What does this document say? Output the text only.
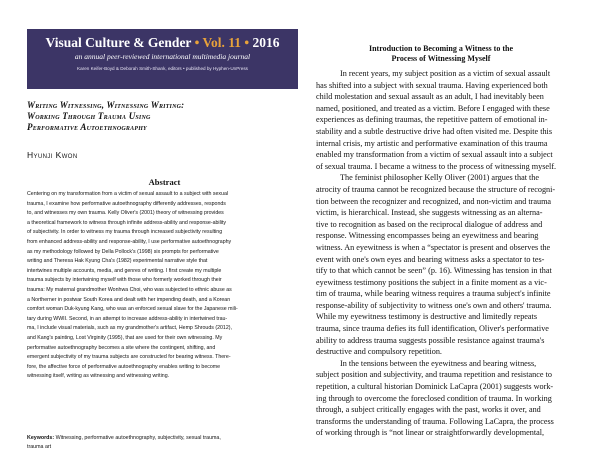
Visual Culture & Gender • Vol. 11 • 2016
an annual peer-reviewed international multimedia journal
Karen Keifer-Boyd & Deborah Smith-Shank, editors • published by Hyphen-UnPress
Writing Witnessing, Witnessing Writing:
Working Through Trauma Using
Performative Autoethnography
Hyunji Kwon
Abstract
Centering on my transformation from a victim of sexual assault to a subject with sexual
trauma, I examine how performative autoethnography differently addresses, responds
to, and witnesses my own trauma. Kelly Oliver's (2001) theory of witnessing provides
a theoretical framework to witness through infinite address-ability and response-ability
of subjectivity. In order to witness my trauma through increased subjectivity resulting
from enhanced address-ability and response-ability, I use performative autoethnography
as my methodology followed by Della Pollock's (1998) six prompts for performative
writing and Theresa Hak Kyung Cha's (1982) experimental narrative style that
intertwines multiple accounts, media, and genres of writing. I first create my multiple
trauma subjects by intertwining myself with those who formerly worked through their
trauma: My maternal grandmother Wonhwa Choi, who was subjected to ethnic abuse as
a Northerner in postwar South Korea and dealt with her impending death, and a Korean
comfort woman Duk-kyung Kang, who was an enforced sexual slave for the Japanese mili-
tary during WWII. Second, in an attempt to increase address-ability in intertwined trau-
ma, I include visual materials, such as my grandmother's artifact, Hemp Shrouds (2012),
and Kang's painting, Lost Virginity (1995), that are used for their own witnessing. My
performative autoethnography becomes a site where the contingent, shifting, and
emergent subjectivity of my trauma subjects are constructed for bearing witness. There-
fore, the affective force of performative autoethnography enables writing to become
witnessing itself, writing as witnessing and witnessing writing.
Keywords: Witnessing, performative autoethnography, subjectivity, sexual trauma,
trauma art
Introduction to Becoming a Witness to the
Process of Witnessing Myself
In recent years, my subject position as a victim of sexual assault
has shifted into a subject with sexual trauma. Having experienced both
child molestation and sexual assault as an adult, I had inevitably been
named, positioned, and treated as a victim. Before I engaged with these
experiences as defining traumas, the repetitive pattern of emotional in-
stability and a subtle destructive drive had often visited me. Despite this
internal crisis, my artistic and performative examination of this trauma
enabled my transformation from a victim of sexual assault into a subject
of sexual trauma. I became a witness to the process of witnessing myself.
The feminist philosopher Kelly Oliver (2001) argues that the
atrocity of trauma cannot be recognized because the structure of recogni-
tion between the recognizer and recognized, and non-victim and trauma
victim, is hierarchical. Instead, she suggests witnessing as an alterna-
tive to recognition as based on the reciprocal dialogue of address and
response. Witnessing encompasses being an eyewitness and bearing
witness. An eyewitness is when a “spectator is present and observes the
event with one's own eyes and bearing witness asks a spectator to tes-
tify to that which cannot be seen” (p. 16). Witnessing has tension in that
eyewitness testimony positions the subject in a finite moment as a vic-
tim of trauma, while bearing witness requires a trauma subject's infinite
response-ability of subjectivity to witness one's own and others' trauma.
While my eyewitness testimony is destructive and limitedly repeats
trauma, since trauma defies its full identification, Oliver's performative
ability to address trauma suggests possible resistance against trauma's
destructive and compulsory repetition.
In the tensions between the eyewitness and bearing witness,
subject position and subjectivity, and trauma repetition and resistance to
repetition, a cultural historian Dominick LaCapra (2001) suggests work-
ing through to overcome the foreclosed condition of trauma. In working
through, a subject critically engages with the past, works it over, and
transforms the understanding of trauma. Following LaCapra, the process
of working through is “not linear or straightforwardly developmental,
